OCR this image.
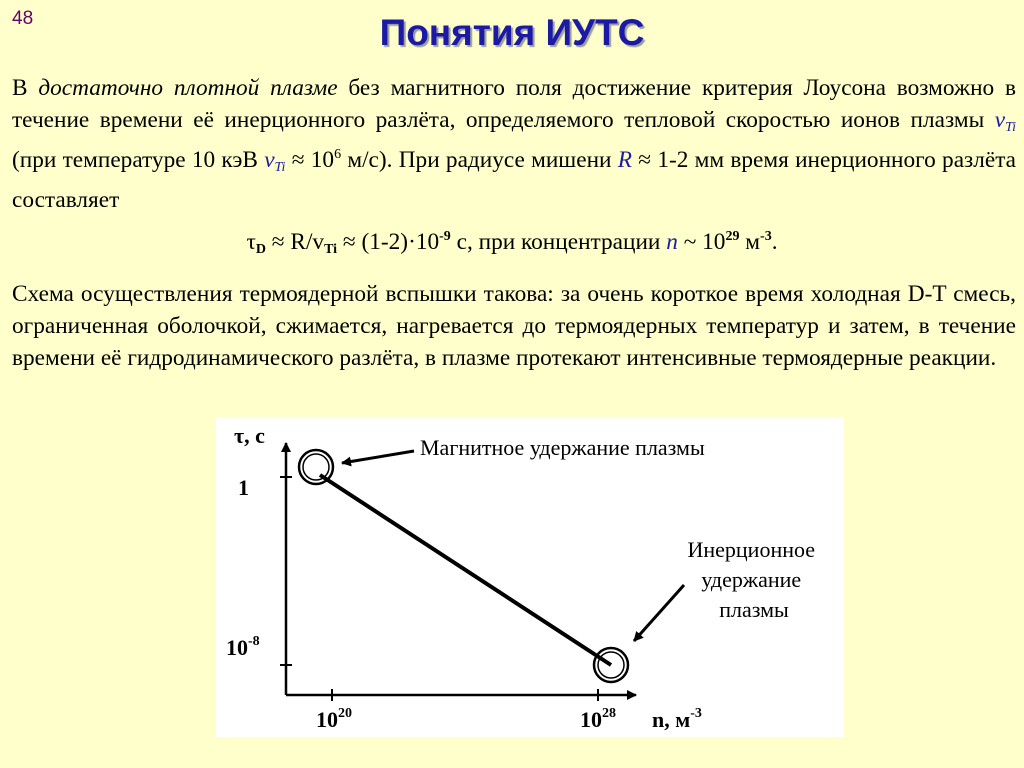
48	Понятия ИУТС
В достаточно плотной плазме без магнитного поля достижение критерия Лоусона возможно в течение времени её инерционного разлёта, определяемого тепловой скоростью ионов плазмы $v_{Ti}$ (при температуре 10 кэВ $v_{Ti} \approx 10^6$ м/с). При радиусе мишени R ≈ 1-2 мм время инерционного разлёта составляет
$\tau D \approx R/vTi \approx (1-2)\cdot 10^{-9}$ с, при концентрации n ~ $10^{29}$ $м^{-3}$.
Схема осуществления термоядерной вспышки такова: за очень короткое время холодная D-T смесь, ограниченная оболочкой, сжимается, нагревается до термоядерных температур и затем, в течение времени её гидродинамического разлёта, в плазме протекают интенсивные термоядерные реакции.
τ, с
1
$10^{-8}$
$10^{20}$	$10^{28}$ n, $м^{-3}$
Магнитное удержание плазмы
Инерционное удержание плазмы
